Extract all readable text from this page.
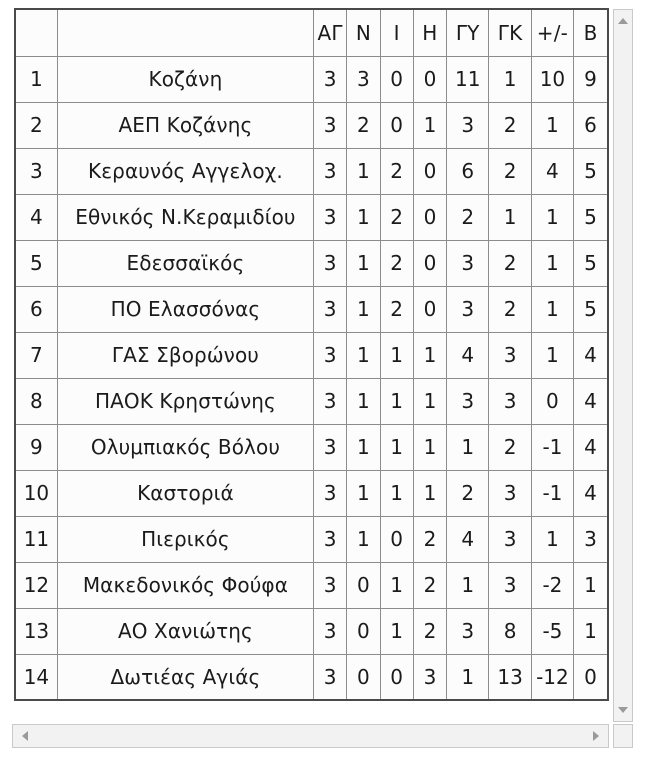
		ΑΓ	Ν	Ι	Η	ΓΥ	ΓΚ	+/-	Β
1	Κοζάνη	3	3	0	0	11	1	10	9
2	ΑΕΠ Κοζάνης	3	2	0	1	3	2	1	6
3	Κεραυνός Αγγελοχ.	3	1	2	0	6	2	4	5
4	Εθνικός Ν.Κεραμιδίου	3	1	2	0	2	1	1	5
5	Εδεσσαϊκός	3	1	2	0	3	2	1	5
6	ΠΟ Ελασσόνας	3	1	2	0	3	2	1	5
7	ΓΑΣ Σβορώνου	3	1	1	1	4	3	1	4
8	ΠΑΟΚ Κρηστώνης	3	1	1	1	3	3	0	4
9	Ολυμπιακός Βόλου	3	1	1	1	1	2	-1	4
10	Καστοριά	3	1	1	1	2	3	-1	4
11	Πιερικός	3	1	0	2	4	3	1	3
12	Μακεδονικός Φούφα	3	0	1	2	1	3	-2	1
13	ΑΟ Χανιώτης	3	0	1	2	3	8	-5	1
14	Δωτιέας Αγιάς	3	0	0	3	1	13	-12	0
